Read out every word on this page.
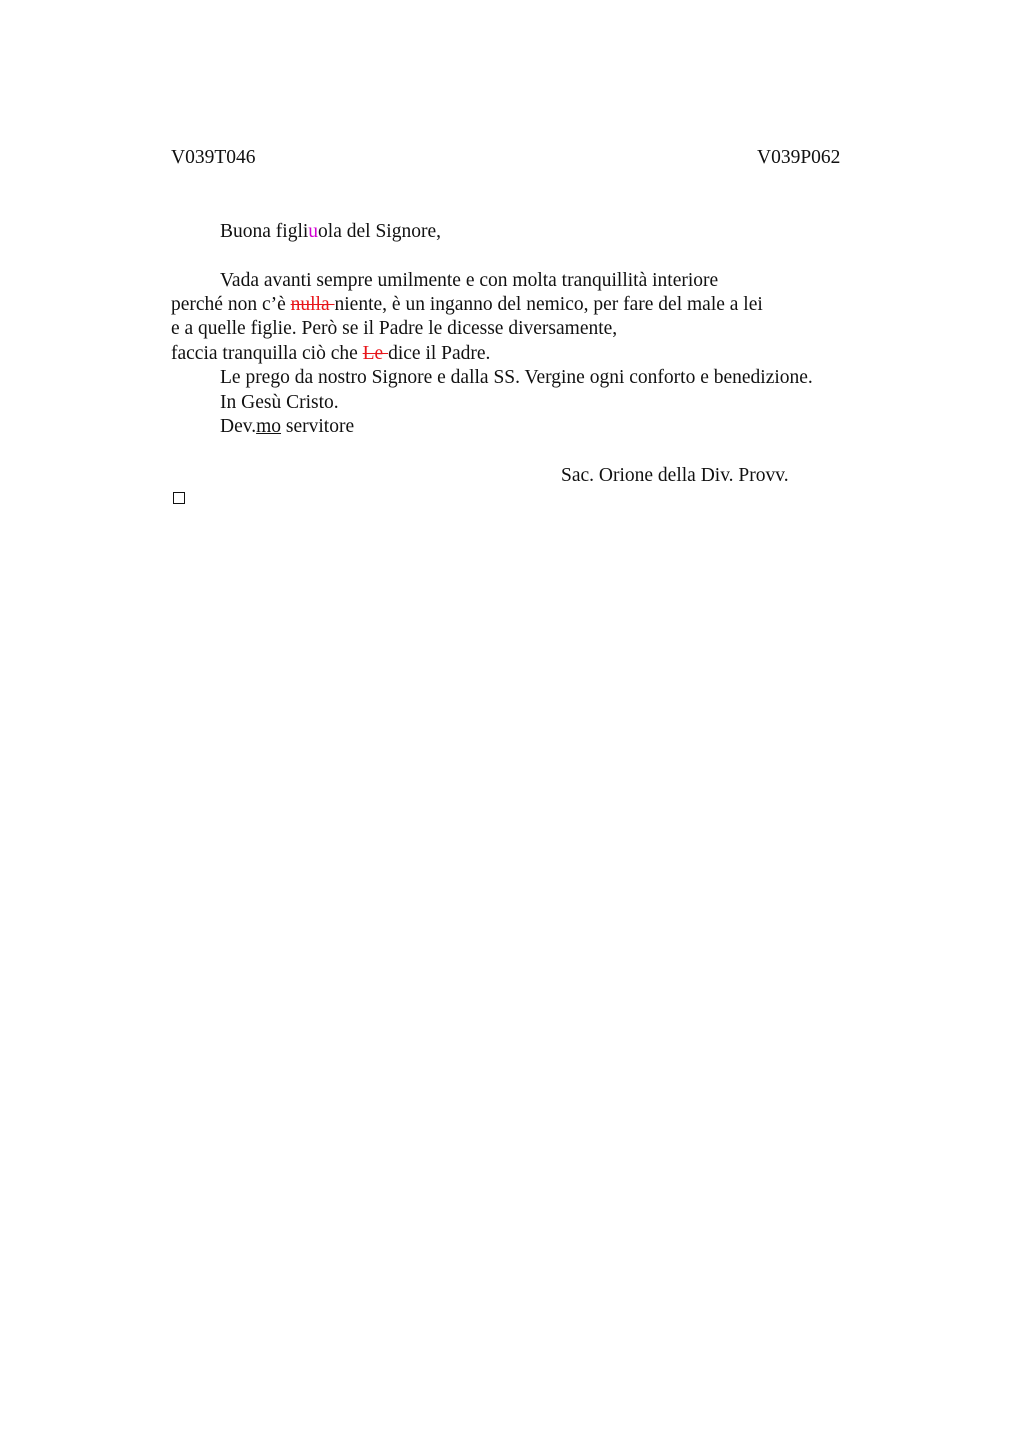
V039T046	V039P062
Buona figliuola del Signore,
Vada avanti sempre umilmente e con molta tranquillità interiore
perché non c’è nulla niente, è un inganno del nemico, per fare del male a lei
e a quelle figlie. Però se il Padre le dicesse diversamente,
faccia tranquilla ciò che Le dice il Padre.
Le prego da nostro Signore e dalla SS. Vergine ogni conforto e benedizione.
In Gesù Cristo.
Dev.mo servitore
Sac. Orione della Div. Provv.
